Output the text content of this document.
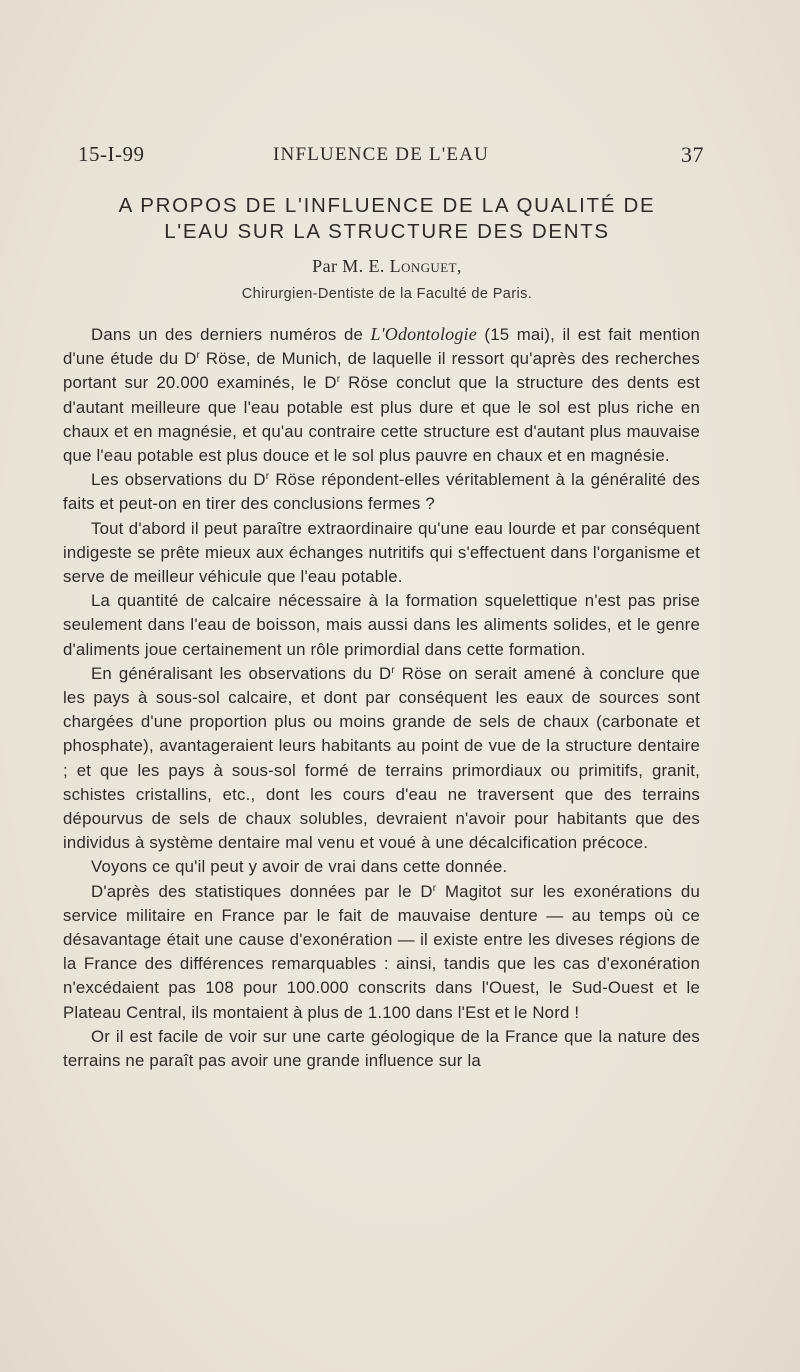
15-I-99	INFLUENCE DE L'EAU	37
A PROPOS DE L'INFLUENCE DE LA QUALITÉ DE
L'EAU SUR LA STRUCTURE DES DENTS
Par M. E. Longuet,
Chirurgien-Dentiste de la Faculté de Paris.

Dans un des derniers numéros de L'Odontologie (15 mai), il est fait mention d'une étude du $D^r$ Röse, de Munich, de laquelle il ressort qu'après des recherches portant sur 20.000 examinés, le $D^r$ Röse conclut que la structure des dents est d'autant meilleure que l'eau potable est plus dure et que le sol est plus riche en chaux et en magnésie, et qu'au contraire cette structure est d'autant plus mauvaise que l'eau potable est plus douce et le sol plus pauvre en chaux et en magnésie.

Les observations du $D^r$ Röse répondent-elles véritablement à la généralité des faits et peut-on en tirer des conclusions fermes ?

Tout d'abord il peut paraître extraordinaire qu'une eau lourde et par conséquent indigeste se prête mieux aux échanges nutritifs qui s'effectuent dans l'organisme et serve de meilleur véhicule que l'eau potable.

La quantité de calcaire nécessaire à la formation squelettique n'est pas prise seulement dans l'eau de boisson, mais aussi dans les aliments solides, et le genre d'aliments joue certainement un rôle primordial dans cette formation.

En généralisant les observations du $D^r$ Röse on serait amené à conclure que les pays à sous-sol calcaire, et dont par conséquent les eaux de sources sont chargées d'une proportion plus ou moins grande de sels de chaux (carbonate et phosphate), avantageraient leurs habitants au point de vue de la structure dentaire ; et que les pays à sous-sol formé de terrains primordiaux ou primitifs, granit, schistes cristallins, etc., dont les cours d'eau ne traversent que des terrains dépourvus de sels de chaux solubles, devraient n'avoir pour habitants que des individus à système dentaire mal venu et voué à une décalcification précoce.

Voyons ce qu'il peut y avoir de vrai dans cette donnée.

D'après des statistiques données par le $D^r$ Magitot sur les exonérations du service militaire en France par le fait de mauvaise denture — au temps où ce désavantage était une cause d'exonération — il existe entre les diveses régions de la France des différences remarquables : ainsi, tandis que les cas d'exonération n'excédaient pas 108 pour 100.000 conscrits dans l'Ouest, le Sud-Ouest et le Plateau Central, ils montaient à plus de 1.100 dans l'Est et le Nord !

Or il est facile de voir sur une carte géologique de la France que la nature des terrains ne paraît pas avoir une grande influence sur la
